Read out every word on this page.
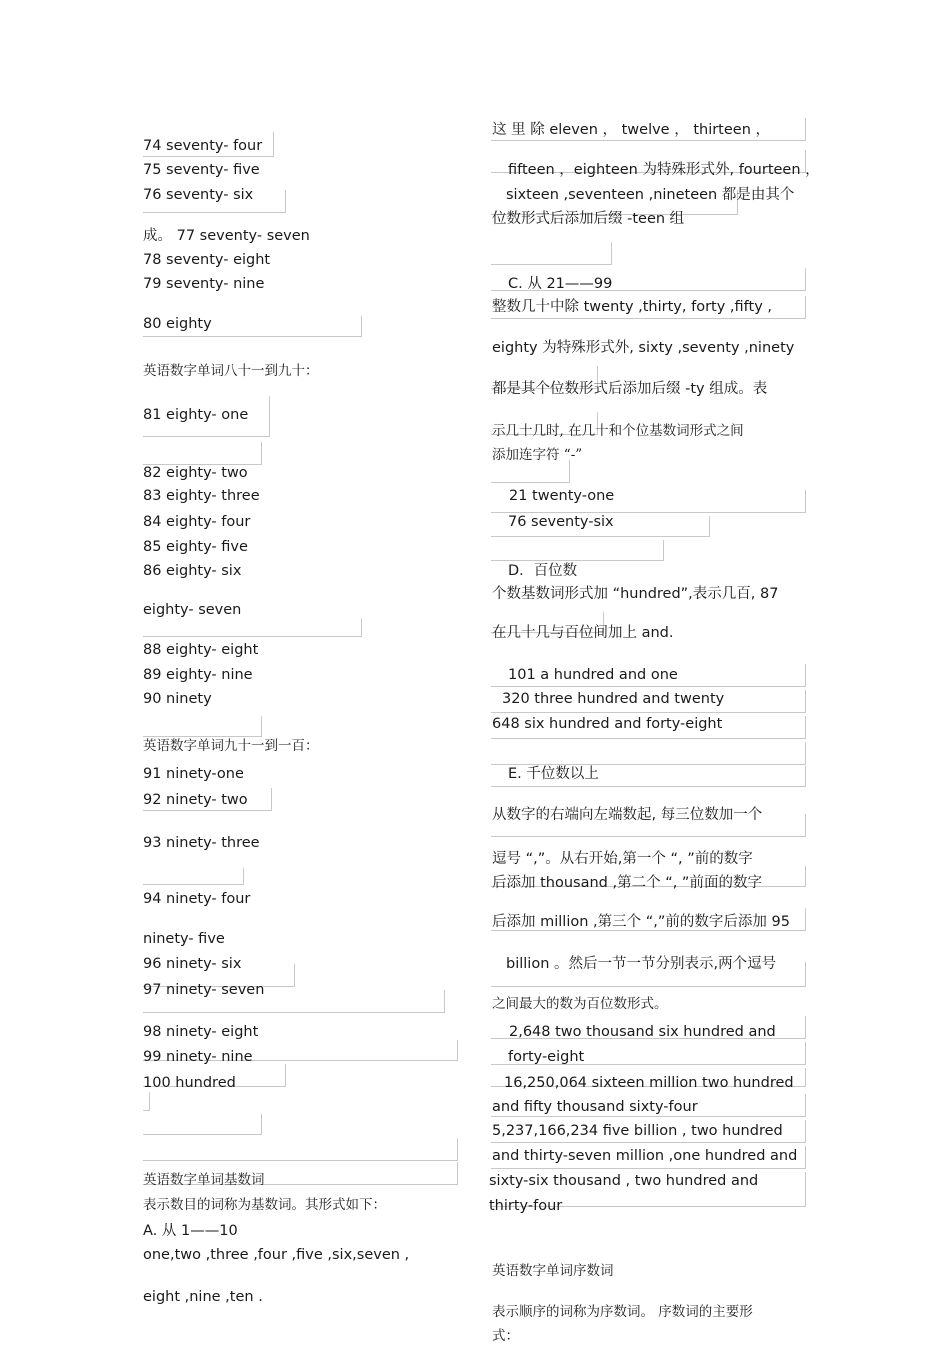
74 seventy- four
75 seventy- five
76 seventy- six
成。 77 seventy- seven
78 seventy- eight
79 seventy- nine
80 eighty
英语数字单词八十一到九十：
81 eighty- one
82 eighty- two
83 eighty- three
84 eighty- four
85 eighty- five
86 eighty- six
eighty- seven
88 eighty- eight
89 eighty- nine
90 ninety
英语数字单词九十一到一百：
91 ninety-one
92 ninety- two
93 ninety- three
94 ninety- four
ninety- five
96 ninety- six
97 ninety- seven
98 ninety- eight
99 ninety- nine
100 hundred
英语数字单词基数词
表示数目的词称为基数词。其形式如下：
A. 从 1——10
one,two ,three ,four ,five ,six,seven ,
eight ,nine ,ten .
这 里 除 eleven ， twelve ， thirteen ，
fifteen ，eighteen 为特殊形式外, fourteen ，
sixteen ,seventeen ,nineteen 都是由其个
位数形式后添加后缀 -teen 组
C. 从 21——99
整数几十中除 twenty ,thirty, forty ,fifty ,
eighty 为特殊形式外, sixty ,seventy ,ninety
都是其个位数形式后添加后缀 -ty 组成。表
示几十几时, 在几十和个位基数词形式之间
添加连字符 “-”
21 twenty-one
76 seventy-six
D．百位数
个数基数词形式加 “hundred”,表示几百, 87
在几十几与百位间加上 and.
101 a hundred and one
320 three hundred and twenty
648 six hundred and forty-eight
E. 千位数以上
从数字的右端向左端数起, 每三位数加一个
逗号 “,”。从右开始,第一个 “, ”前的数字
后添加 thousand ,第二个 “, ”前面的数字
后添加 million ,第三个 “,”前的数字后添加 95
billion 。然后一节一节分别表示,两个逗号
之间最大的数为百位数形式。
2,648 two thousand six hundred and
forty-eight
16,250,064 sixteen million two hundred
and fifty thousand sixty-four
5,237,166,234 five billion , two hundred
and thirty-seven million ,one hundred and
sixty-six thousand , two hundred and
thirty-four
英语数字单词序数词
表示顺序的词称为序数词。 序数词的主要形
式：
